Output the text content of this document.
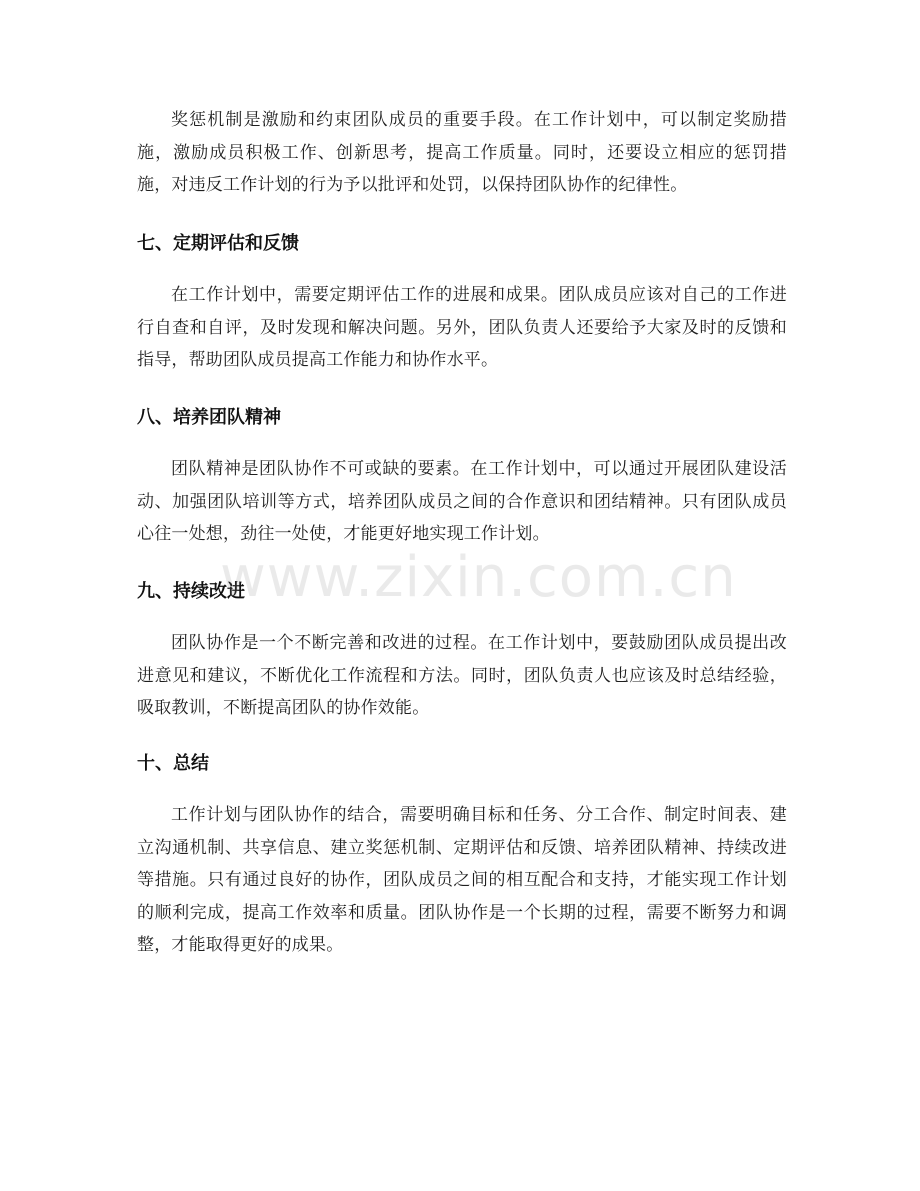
奖惩机制是激励和约束团队成员的重要手段。在工作计划中，可以制定奖励措施，激励成员积极工作、创新思考，提高工作质量。同时，还要设立相应的惩罚措施，对违反工作计划的行为予以批评和处罚，以保持团队协作的纪律性。

七、定期评估和反馈

在工作计划中，需要定期评估工作的进展和成果。团队成员应该对自己的工作进行自查和自评，及时发现和解决问题。另外，团队负责人还要给予大家及时的反馈和指导，帮助团队成员提高工作能力和协作水平。

八、培养团队精神

团队精神是团队协作不可或缺的要素。在工作计划中，可以通过开展团队建设活动、加强团队培训等方式，培养团队成员之间的合作意识和团结精神。只有团队成员心往一处想，劲往一处使，才能更好地实现工作计划。

九、持续改进

团队协作是一个不断完善和改进的过程。在工作计划中，要鼓励团队成员提出改进意见和建议，不断优化工作流程和方法。同时，团队负责人也应该及时总结经验，吸取教训，不断提高团队的协作效能。

十、总结

工作计划与团队协作的结合，需要明确目标和任务、分工合作、制定时间表、建立沟通机制、共享信息、建立奖惩机制、定期评估和反馈、培养团队精神、持续改进等措施。只有通过良好的协作，团队成员之间的相互配合和支持，才能实现工作计划的顺利完成，提高工作效率和质量。团队协作是一个长期的过程，需要不断努力和调整，才能取得更好的成果。

www.zixin.com.cn
